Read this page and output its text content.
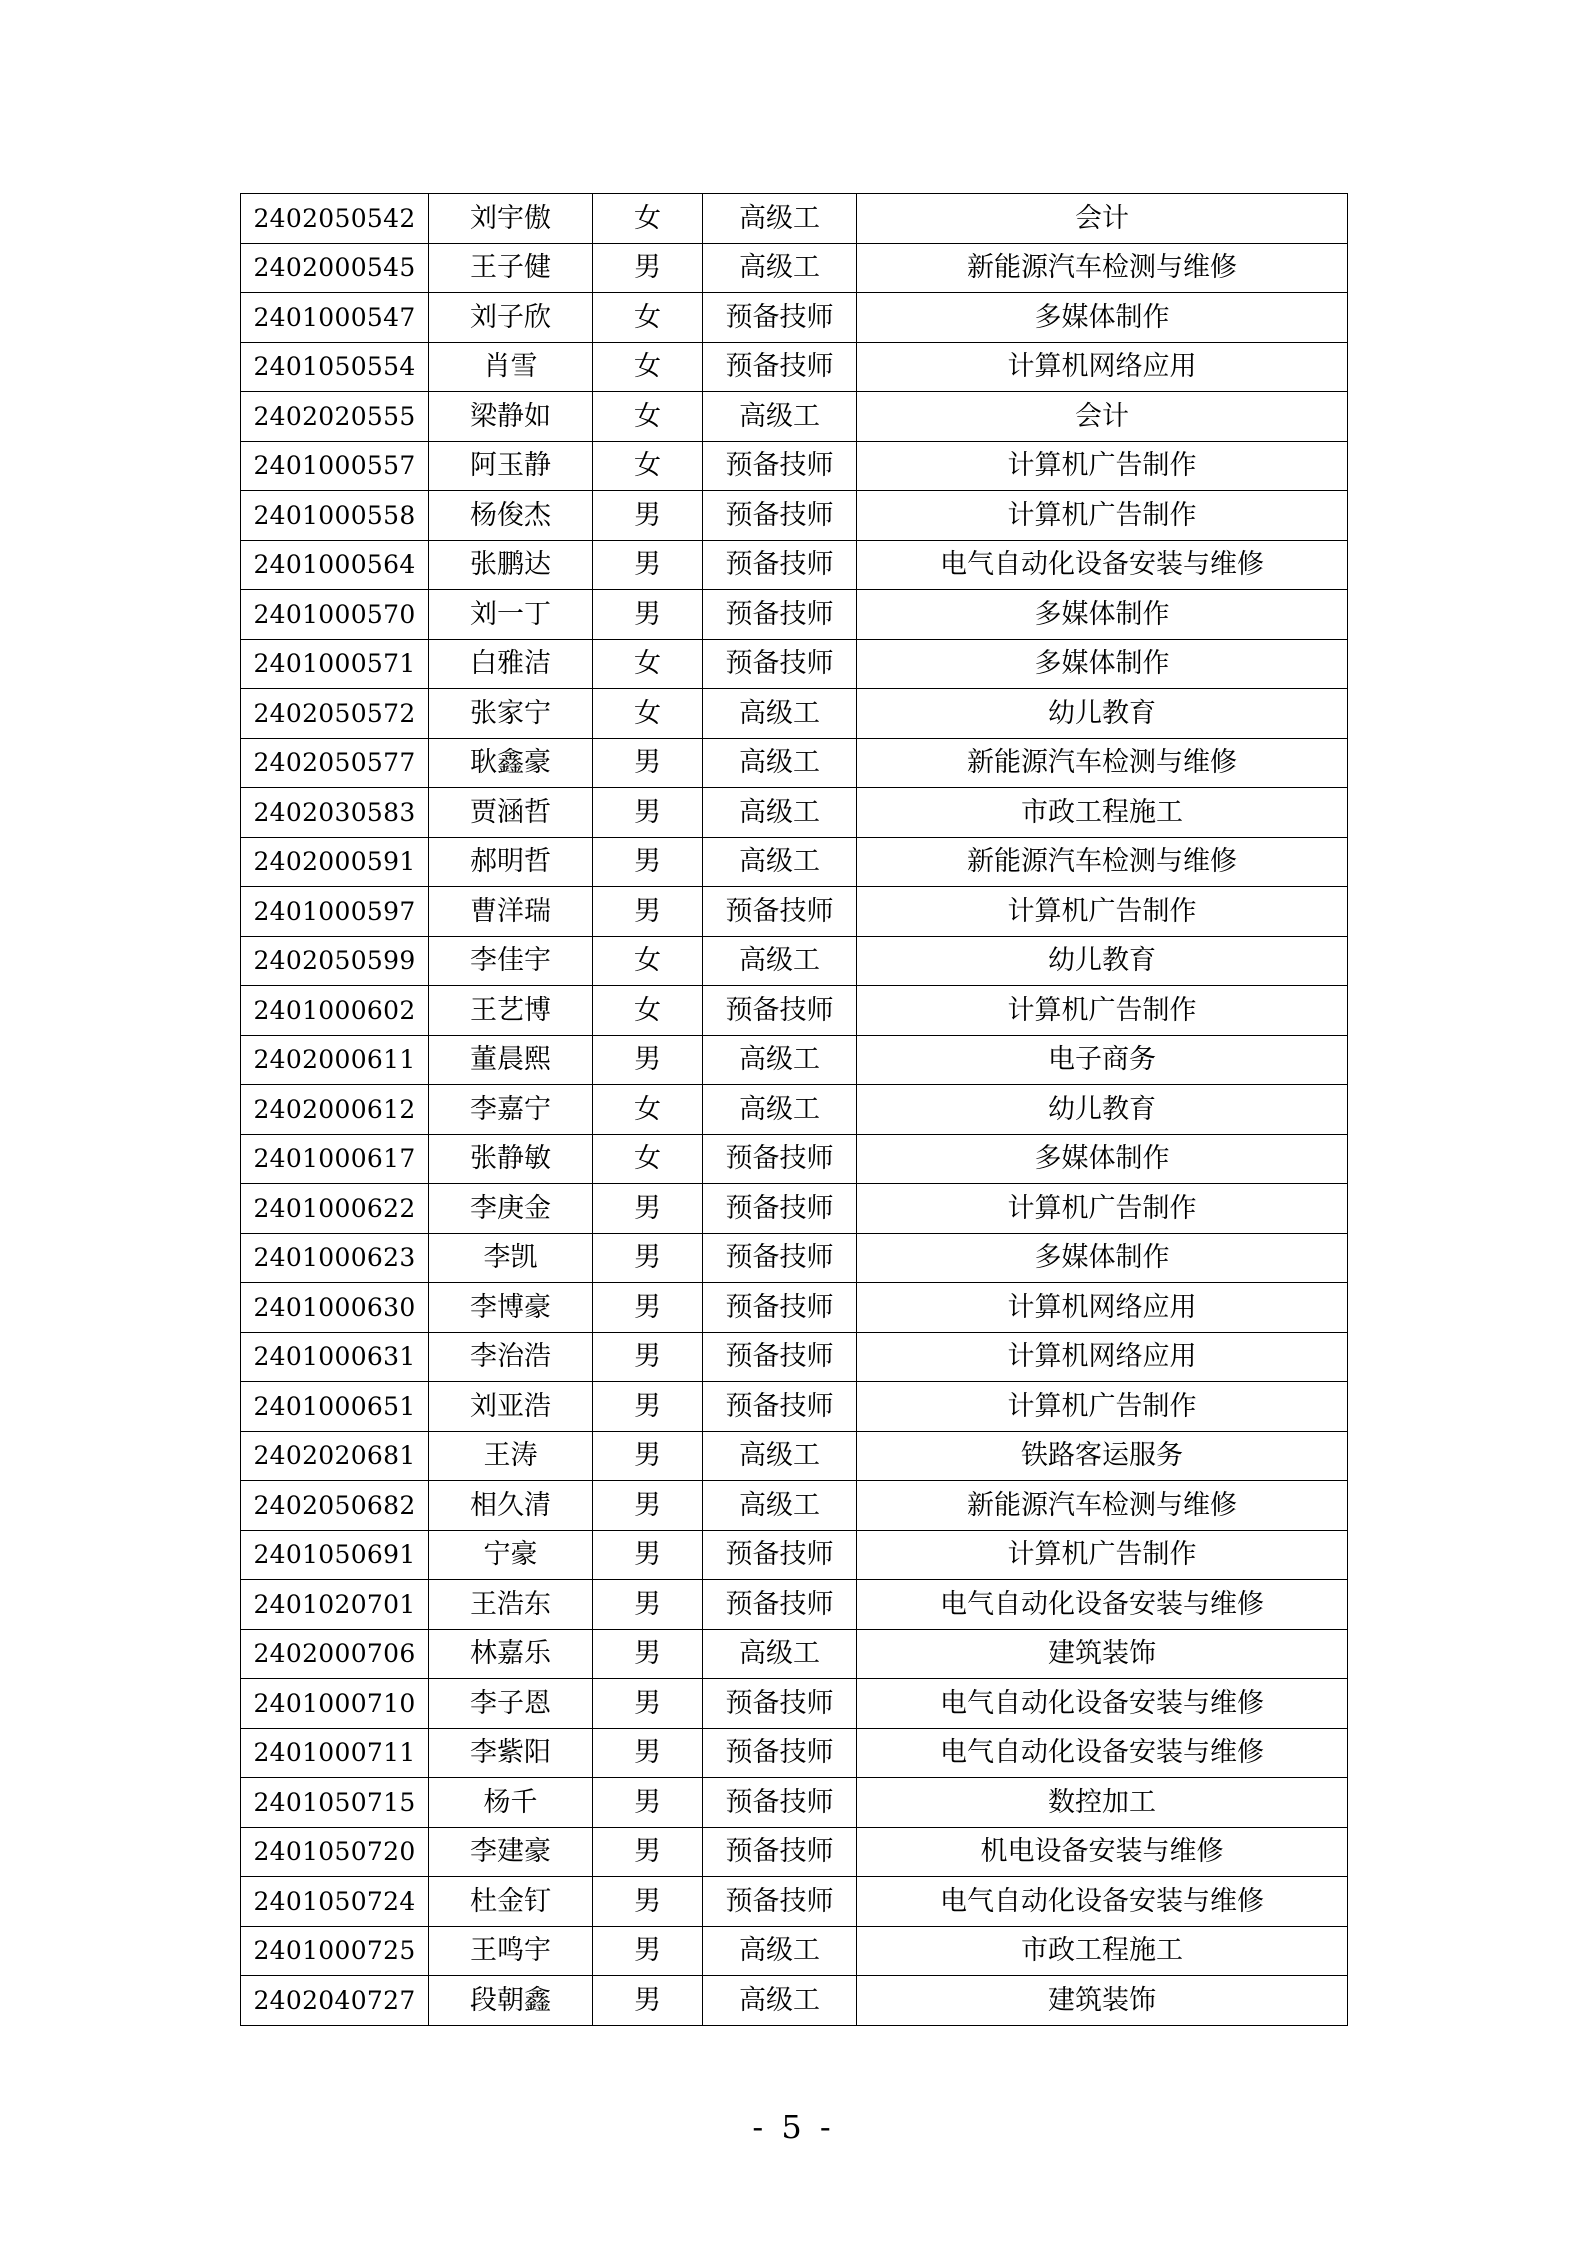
2402050542	刘宇傲	女	高级工	会计
2402000545	王子健	男	高级工	新能源汽车检测与维修
2401000547	刘子欣	女	预备技师	多媒体制作
2401050554	肖雪	女	预备技师	计算机网络应用
2402020555	梁静如	女	高级工	会计
2401000557	阿玉静	女	预备技师	计算机广告制作
2401000558	杨俊杰	男	预备技师	计算机广告制作
2401000564	张鹏达	男	预备技师	电气自动化设备安装与维修
2401000570	刘一丁	男	预备技师	多媒体制作
2401000571	白雅洁	女	预备技师	多媒体制作
2402050572	张家宁	女	高级工	幼儿教育
2402050577	耿鑫豪	男	高级工	新能源汽车检测与维修
2402030583	贾涵哲	男	高级工	市政工程施工
2402000591	郝明哲	男	高级工	新能源汽车检测与维修
2401000597	曹洋瑞	男	预备技师	计算机广告制作
2402050599	李佳宇	女	高级工	幼儿教育
2401000602	王艺博	女	预备技师	计算机广告制作
2402000611	董晨熙	男	高级工	电子商务
2402000612	李嘉宁	女	高级工	幼儿教育
2401000617	张静敏	女	预备技师	多媒体制作
2401000622	李庚金	男	预备技师	计算机广告制作
2401000623	李凯	男	预备技师	多媒体制作
2401000630	李博豪	男	预备技师	计算机网络应用
2401000631	李治浩	男	预备技师	计算机网络应用
2401000651	刘亚浩	男	预备技师	计算机广告制作
2402020681	王涛	男	高级工	铁路客运服务
2402050682	相久清	男	高级工	新能源汽车检测与维修
2401050691	宁豪	男	预备技师	计算机广告制作
2401020701	王浩东	男	预备技师	电气自动化设备安装与维修
2402000706	林嘉乐	男	高级工	建筑装饰
2401000710	李子恩	男	预备技师	电气自动化设备安装与维修
2401000711	李紫阳	男	预备技师	电气自动化设备安装与维修
2401050715	杨千	男	预备技师	数控加工
2401050720	李建豪	男	预备技师	机电设备安装与维修
2401050724	杜金钉	男	预备技师	电气自动化设备安装与维修
2401000725	王鸣宇	男	高级工	市政工程施工
2402040727	段朝鑫	男	高级工	建筑装饰
- 5 -
